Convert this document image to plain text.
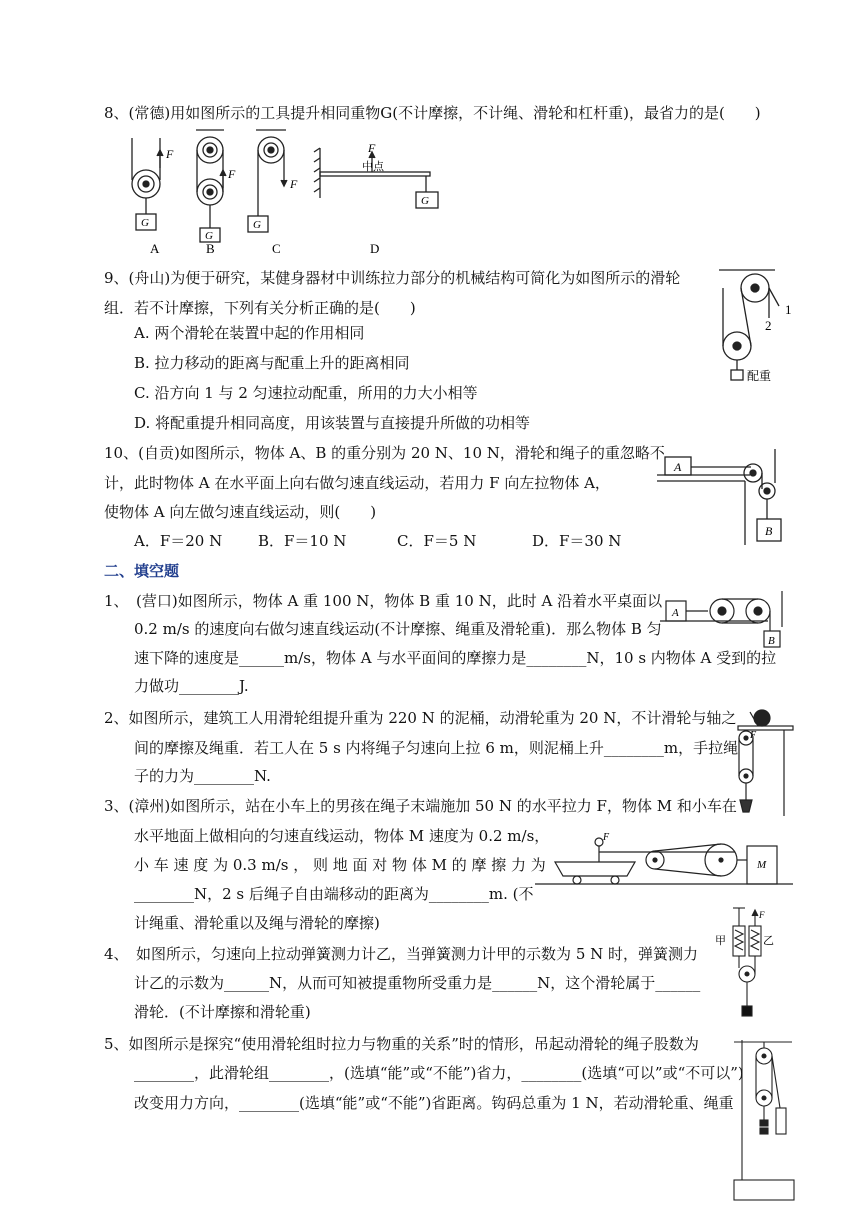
8、(常德)用如图所示的工具提升相同重物G(不计摩擦，不计绳、滑轮和杠杆重)，最省力的是(　　)
F
G
A
F
G
B
F
G
C
F
中点
G
D
9、(舟山)为便于研究，某健身器材中训练拉力部分的机械结构可简化为如图所示的滑轮
组．若不计摩擦，下列有关分析正确的是(　　)
A. 两个滑轮在装置中起的作用相同
B. 拉力移动的距离与配重上升的距离相同
C. 沿方向 1 与 2 匀速拉动配重，所用的力大小相等
D. 将配重提升相同高度，用该装置与直接提升所做的功相等
1
2
配重
10、(自贡)如图所示，物体 A、B 的重分别为 20 N、10 N，滑轮和绳子的重忽略不
计，此时物体 A 在水平面上向右做匀速直线运动，若用力 F 向左拉物体 A，
使物体 A 向左做匀速直线运动，则(　　)
A．F＝20 N B．F＝10 N	C．F＝5 N	D．F＝30 N
A
B
二、填空题
1、　(营口)如图所示，物体 A 重 100 N，物体 B 重 10 N，此时 A 沿着水平桌面以
0.2 m/s 的速度向右做匀速直线运动(不计摩擦、绳重及滑轮重)．那么物体 B 匀
速下降的速度是______m/s，物体 A 与水平面间的摩擦力是________N，10 s 内物体 A 受到的拉
力做功________J.
A
B
2、如图所示，建筑工人用滑轮组提升重为 220 N 的泥桶，动滑轮重为 20 N，不计滑轮与轴之
间的摩擦及绳重．若工人在 5 s 内将绳子匀速向上拉 6 m，则泥桶上升________m，手拉绳
子的力为________N.
F
3、(漳州)如图所示，站在小车上的男孩在绳子末端施加 50 N 的水平拉力 F，物体 M 和小车在
水平地面上做相向的匀速直线运动，物体 M 速度为 0.2 m/s，
小 车 速 度 为 0.3 m/s ， 则 地 面 对 物 体 M 的 摩 擦 力 为
________N，2 s 后绳子自由端移动的距离为________m. (不
计绳重、滑轮重以及绳与滑轮的摩擦)
F
M
4、　如图所示，匀速向上拉动弹簧测力计乙，当弹簧测力计甲的示数为 5 N 时，弹簧测力
计乙的示数为______N，从而可知被提重物所受重力是______N，这个滑轮属于______
滑轮．(不计摩擦和滑轮重)
甲	乙
F
5、如图所示是探究“使用滑轮组时拉力与物重的关系”时的情形，吊起动滑轮的绳子股数为
________，此滑轮组________，(选填“能”或“不能”)省力，________(选填“可以”或“不可以”)
改变用力方向，________(选填“能”或“不能”)省距离。钩码总重为 1 N，若动滑轮重、绳重
